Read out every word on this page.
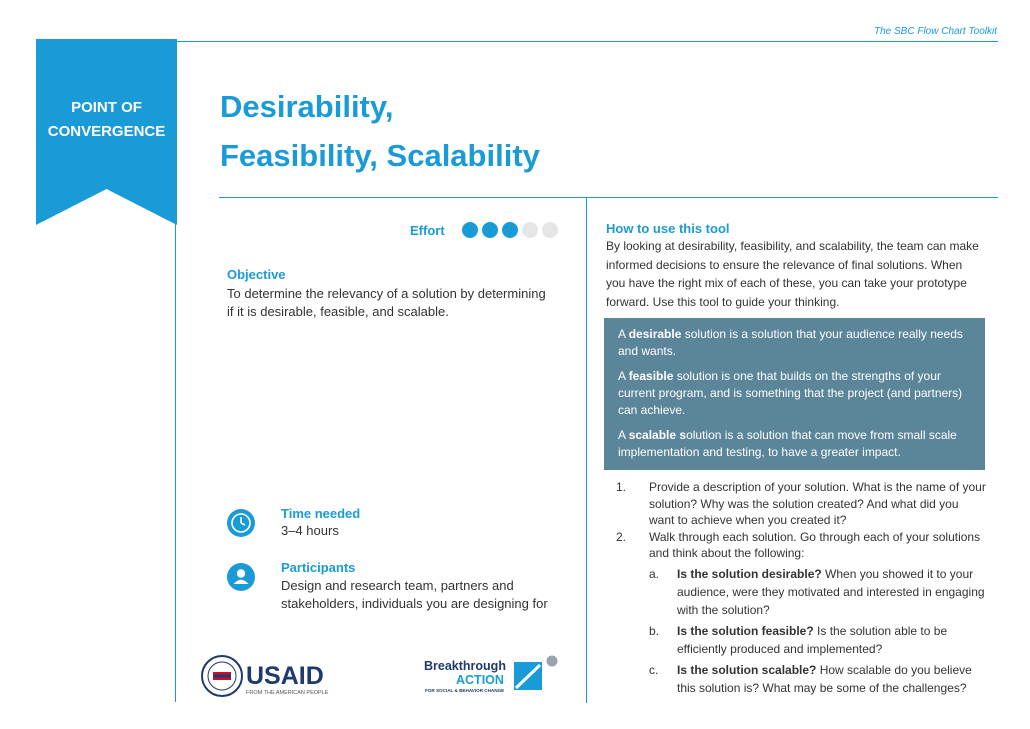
The SBC Flow Chart Toolkit
POINT OF
CONVERGENCE
Desirability,
Feasibility, Scalability
Effort
Objective
To determine the relevancy of a solution by determining if it is desirable, feasible, and scalable.
Time needed
3–4 hours
Participants
Design and research team, partners and stakeholders, individuals you are designing for
USAID
FROM THE AMERICAN PEOPLE
Breakthrough
ACTION
FOR SOCIAL & BEHAVIOR CHANGE
How to use this tool
By looking at desirability, feasibility, and scalability, the team can make informed decisions to ensure the relevance of final solutions. When you have the right mix of each of these, you can take your prototype forward. Use this tool to guide your thinking.

A desirable solution is a solution that your audience really needs and wants.

A feasible solution is one that builds on the strengths of your current program, and is something that the project (and partners) can achieve.

A scalable solution is a solution that can move from small scale implementation and testing, to have a greater impact.

1.	Provide a description of your solution. What is the name of your solution? Why was the solution created? And what did you want to achieve when you created it?
2.	Walk through each solution. Go through each of your solutions and think about the following:
a.	Is the solution desirable? When you showed it to your audience, were they motivated and interested in engaging with the solution?
b.	Is the solution feasible? Is the solution able to be efficiently produced and implemented?
c.	Is the solution scalable? How scalable do you believe this solution is? What may be some of the challenges?
